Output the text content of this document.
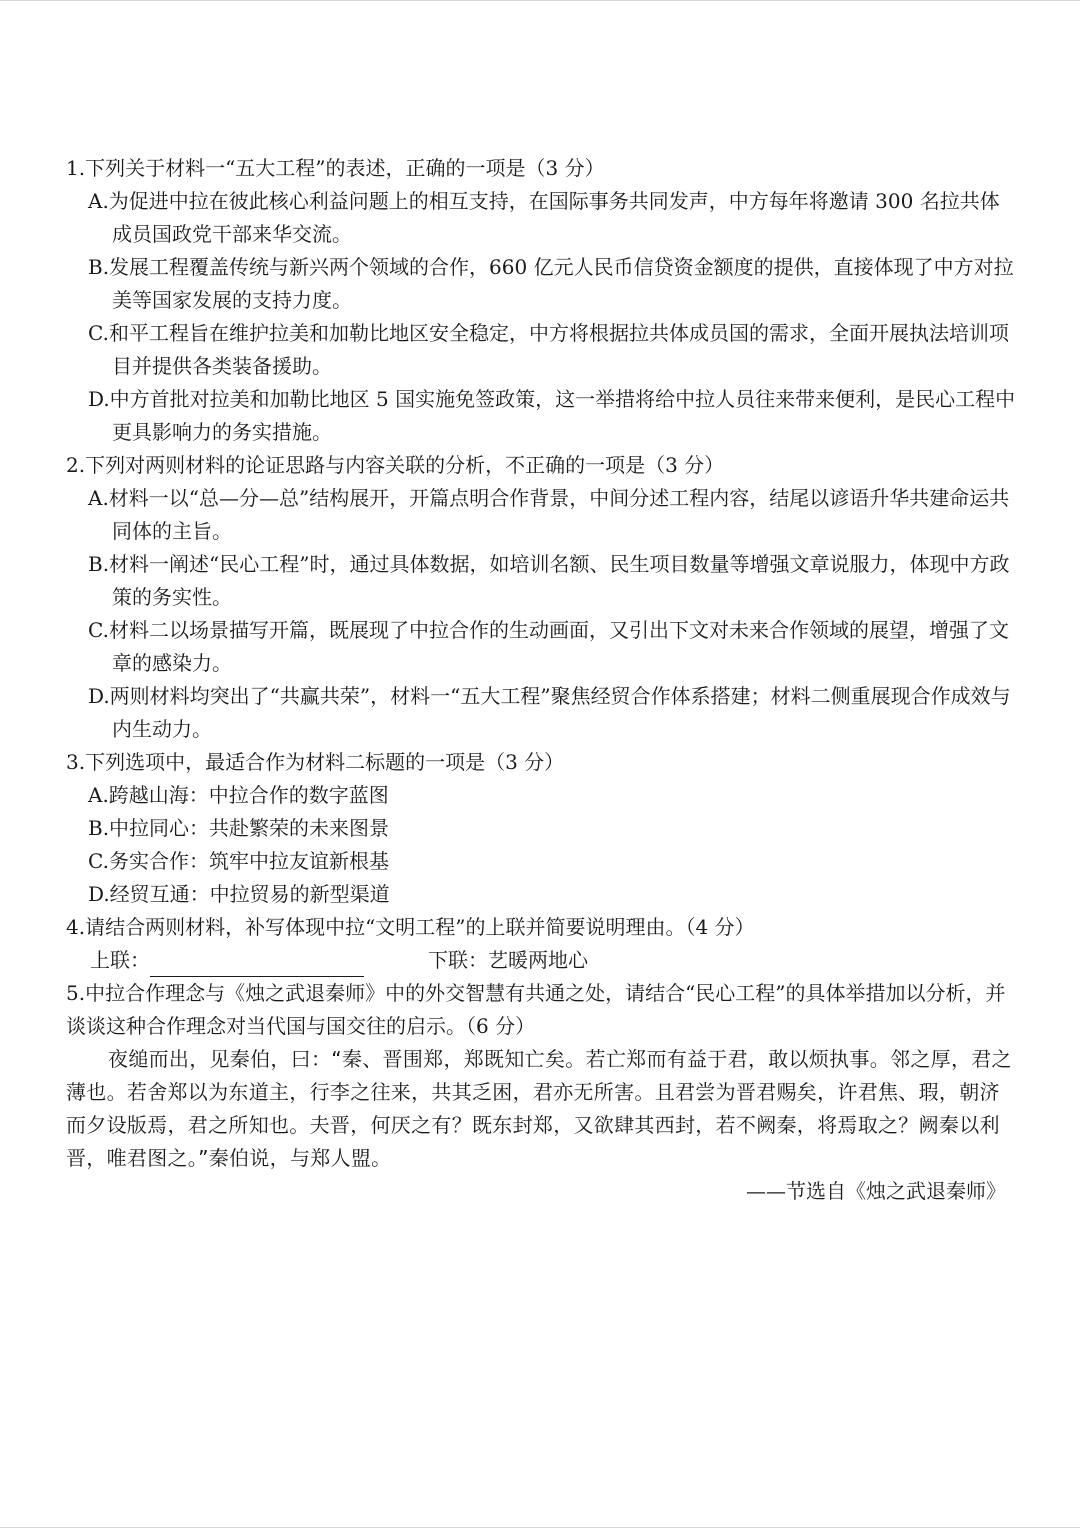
1.下列关于材料一“五大工程”的表述，正确的一项是（3 分）
A.为促进中拉在彼此核心利益问题上的相互支持，在国际事务共同发声，中方每年将邀请 300 名拉共体成员国政党干部来华交流。
B.发展工程覆盖传统与新兴两个领域的合作，660 亿元人民币信贷资金额度的提供，直接体现了中方对拉美等国家发展的支持力度。
C.和平工程旨在维护拉美和加勒比地区安全稳定，中方将根据拉共体成员国的需求，全面开展执法培训项目并提供各类装备援助。
D.中方首批对拉美和加勒比地区 5 国实施免签政策，这一举措将给中拉人员往来带来便利，是民心工程中更具影响力的务实措施。
2.下列对两则材料的论证思路与内容关联的分析，不正确的一项是（3 分）
A.材料一以“总—分—总”结构展开，开篇点明合作背景，中间分述工程内容，结尾以谚语升华共建命运共同体的主旨。
B.材料一阐述“民心工程”时，通过具体数据，如培训名额、民生项目数量等增强文章说服力，体现中方政策的务实性。
C.材料二以场景描写开篇，既展现了中拉合作的生动画面，又引出下文对未来合作领域的展望，增强了文章的感染力。
D.两则材料均突出了“共赢共荣”，材料一“五大工程”聚焦经贸合作体系搭建；材料二侧重展现合作成效与内生动力。
3.下列选项中，最适合作为材料二标题的一项是（3 分）
A.跨越山海：中拉合作的数字蓝图
B.中拉同心：共赴繁荣的未来图景
C.务实合作：筑牢中拉友谊新根基
D.经贸互通：中拉贸易的新型渠道
4.请结合两则材料，补写体现中拉“文明工程”的上联并简要说明理由。（4 分）
上联：	下联：艺暖两地心
5.中拉合作理念与《烛之武退秦师》中的外交智慧有共通之处，请结合“民心工程”的具体举措加以分析，并谈谈这种合作理念对当代国与国交往的启示。（6 分）

夜缒而出，见秦伯，曰：“秦、晋围郑，郑既知亡矣。若亡郑而有益于君，敢以烦执事。邻之厚，君之薄也。若舍郑以为东道主，行李之往来，共其乏困，君亦无所害。且君尝为晋君赐矣，许君焦、瑕，朝济而夕设版焉，君之所知也。夫晋，何厌之有？既东封郑，又欲肆其西封，若不阙秦，将焉取之？阙秦以利晋，唯君图之。”秦伯说，与郑人盟。

——节选自《烛之武退秦师》
